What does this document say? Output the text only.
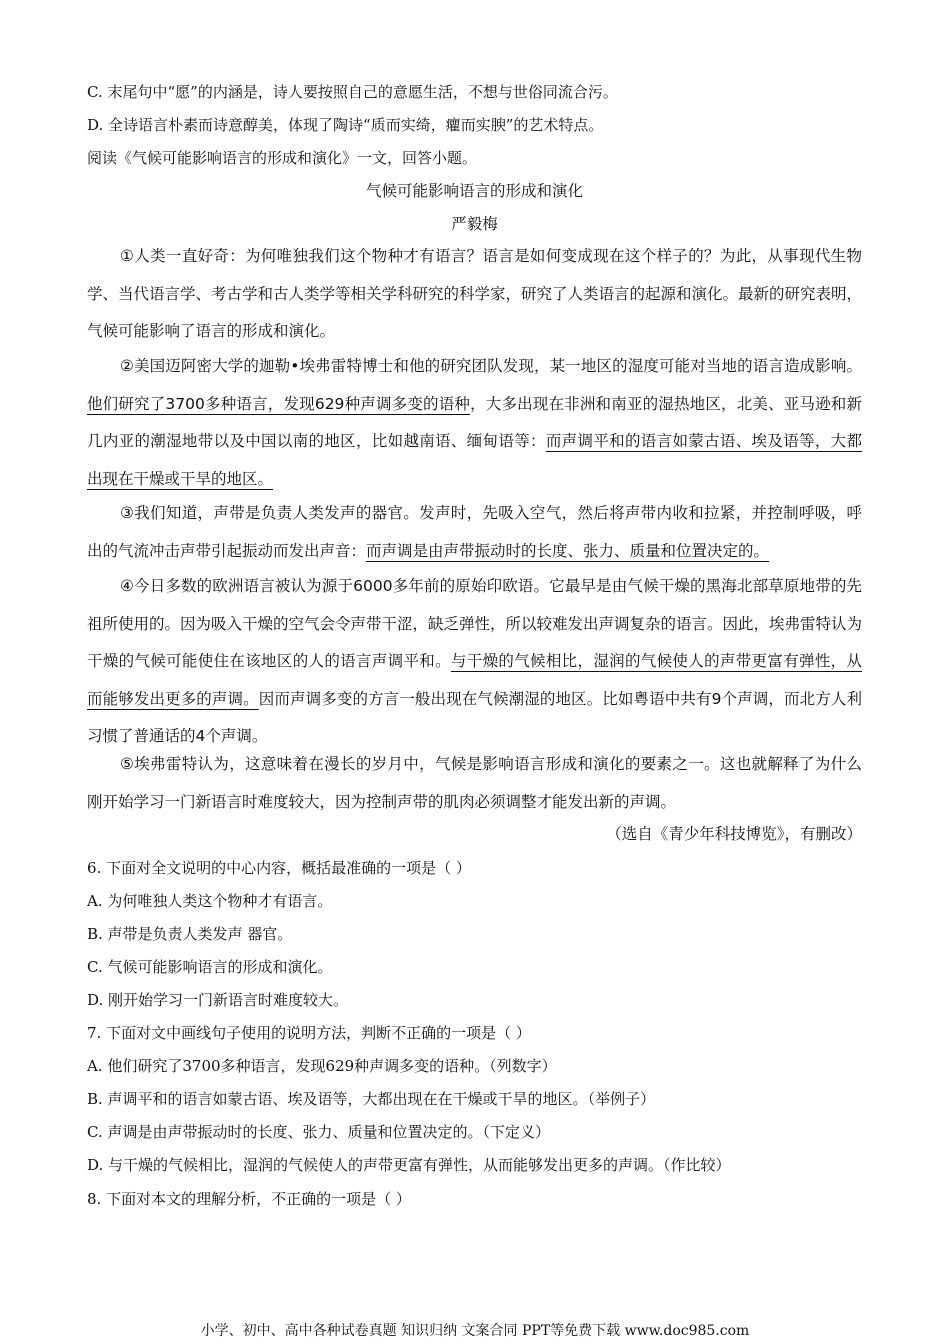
C. 末尾句中“愿”的内涵是，诗人要按照自己的意愿生活，不想与世俗同流合污。

D. 全诗语言朴素而诗意醇美，体现了陶诗“质而实绮，癯而实腴”的艺术特点。

阅读《气候可能影响语言的形成和演化》一文，回答小题。

气候可能影响语言的形成和演化

严毅梅

①人类一直好奇：为何唯独我们这个物种才有语言？语言是如何变成现在这个样子的？为此，从事现代生物学、当代语言学、考古学和古人类学等相关学科研究的科学家，研究了人类语言的起源和演化。最新的研究表明，气候可能影响了语言的形成和演化。

②美国迈阿密大学的迦勒•埃弗雷特博士和他的研究团队发现，某一地区的湿度可能对当地的语言造成影响。他们研究了3700多种语言，发现629种声调多变的语种，大多出现在非洲和南亚的湿热地区，北美、亚马逊和新几内亚的潮湿地带以及中国以南的地区，比如越南语、缅甸语等：而声调平和的语言如蒙古语、埃及语等，大都出现在干燥或干旱的地区。

③我们知道，声带是负责人类发声的器官。发声时，先吸入空气，然后将声带内收和拉紧，并控制呼吸，呼出的气流冲击声带引起振动而发出声音：而声调是由声带振动时的长度、张力、质量和位置决定的。

④今日多数的欧洲语言被认为源于6000多年前的原始印欧语。它最早是由气候干燥的黑海北部草原地带的先祖所使用的。因为吸入干燥的空气会令声带干涩，缺乏弹性，所以较难发出声调复杂的语言。因此，埃弗雷特认为干燥的气候可能使住在该地区的人的语言声调平和。与干燥的气候相比，湿润的气候使人的声带更富有弹性，从而能够发出更多的声调。因而声调多变的方言一般出现在气候潮湿的地区。比如粤语中共有9个声调，而北方人利习惯了普通话的4个声调。

⑤埃弗雷特认为，这意味着在漫长的岁月中，气候是影响语言形成和演化的要素之一。这也就解释了为什么刚开始学习一门新语言时难度较大，因为控制声带的肌肉必须调整才能发出新的声调。

（选自《青少年科技博览》，有删改）

6. 下面对全文说明的中心内容，概括最准确的一项是（ ）

A. 为何唯独人类这个物种才有语言。

B. 声带是负责人类发声 器官。

C. 气候可能影响语言的形成和演化。

D. 刚开始学习一门新语言时难度较大。

7. 下面对文中画线句子使用的说明方法，判断不正确的一项是（ ）

A. 他们研究了3700多种语言，发现629种声调多变的语种。（列数字）

B. 声调平和的语言如蒙古语、埃及语等，大都出现在在干燥或干旱的地区。（举例子）

C. 声调是由声带振动时的长度、张力、质量和位置决定的。（下定义）

D. 与干燥的气候相比，湿润的气候使人的声带更富有弹性，从而能够发出更多的声调。（作比较）

8. 下面对本文的理解分析，不正确的一项是（ ）

小学、初中、高中各种试卷真题 知识归纳 文案合同 PPT等免费下载 www.doc985.com
